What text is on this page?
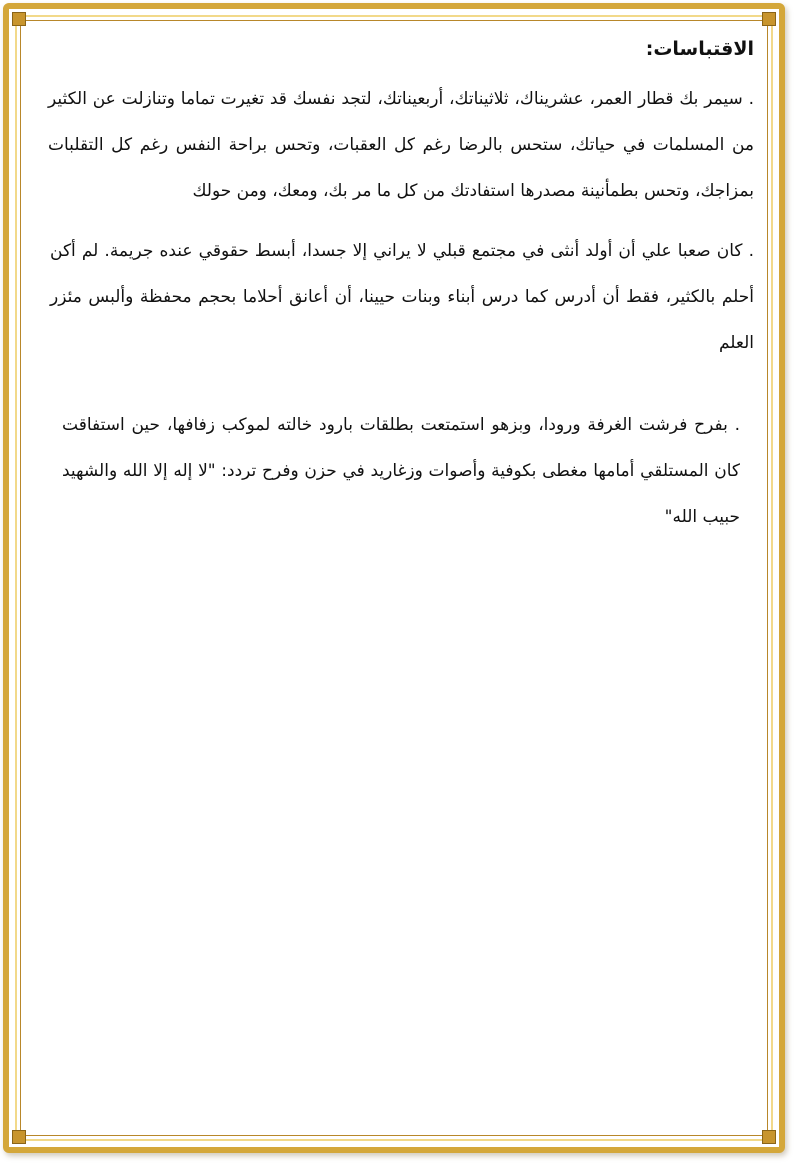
الاقتباسات:

. سيمر بك قطار العمر، عشريناك، ثلاثيناتك، أربعيناتك، لتجد نفسك قد تغيرت تماما وتنازلت عن الكثير من المسلمات في حياتك، ستحس بالرضا رغم كل العقبات، وتحس براحة النفس رغم كل التقلبات بمزاجك، وتحس بطمأنينة مصدرها استفادتك من كل ما مر بك، ومعك، ومن حولك

. كان صعبا علي أن أولد أنثى في مجتمع قبلي لا يراني إلا جسدا، أبسط حقوقي عنده جريمة. لم أكن أحلم بالكثير، فقط أن أدرس كما درس أبناء وبنات حيينا، أن أعانق أحلاما بحجم محفظة وألبس مئزر العلم

. بفرح فرشت الغرفة ورودا، وبزهو استمتعت بطلقات بارود خالته لموكب زفافها، حين استفاقت كان المستلقي أمامها مغطى بكوفية وأصوات وزغاريد في حزن وفرح تردد: "لا إله إلا الله والشهيد حبيب الله"
